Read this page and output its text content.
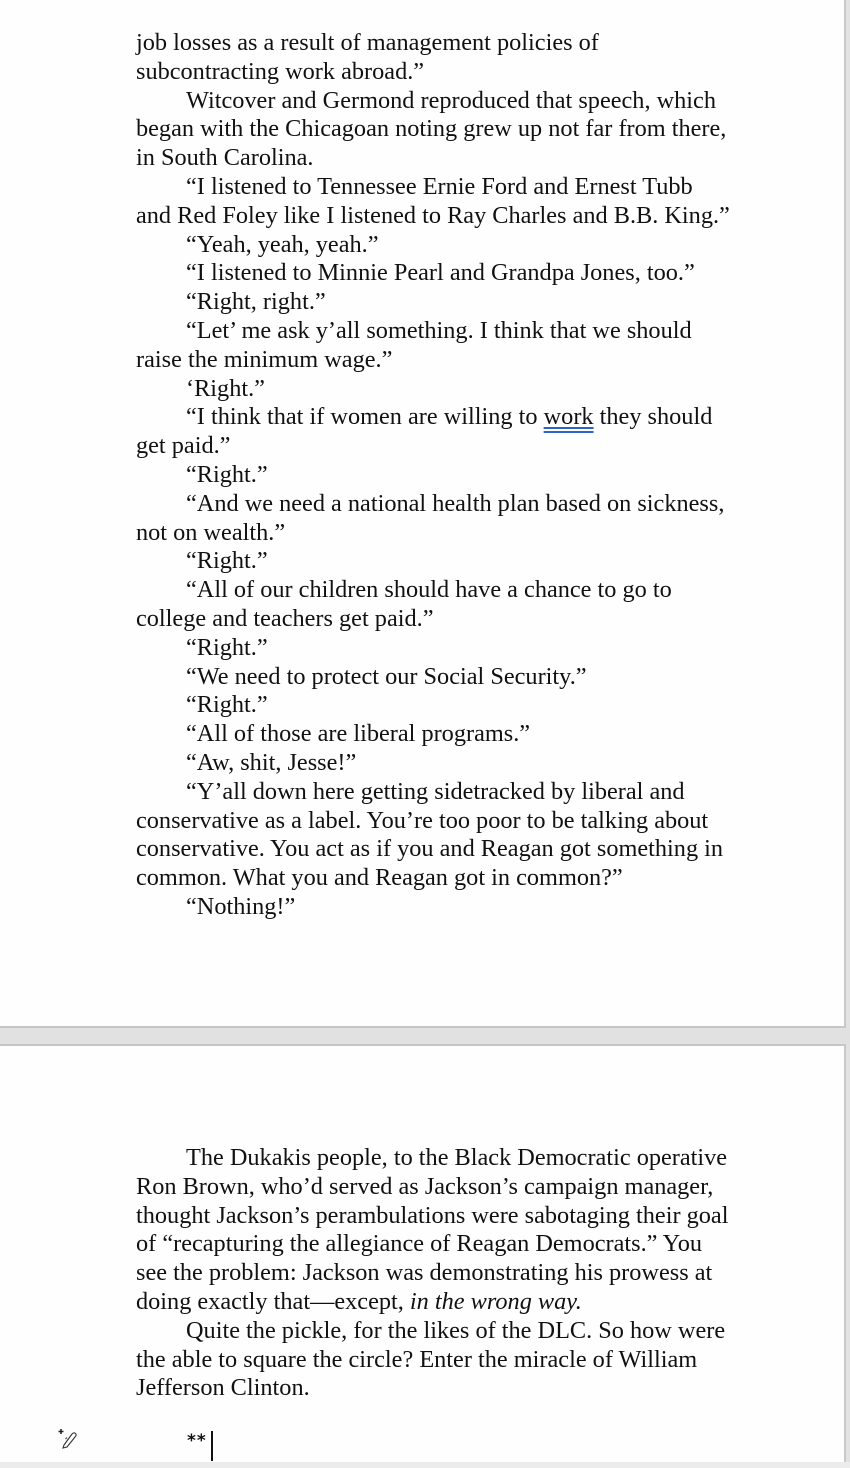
job losses as a result of management policies of
subcontracting work abroad.”
Witcover and Germond reproduced that speech, which
began with the Chicagoan noting grew up not far from there,
in South Carolina.
“I listened to Tennessee Ernie Ford and Ernest Tubb
and Red Foley like I listened to Ray Charles and B.B. King.”
“Yeah, yeah, yeah.”
“I listened to Minnie Pearl and Grandpa Jones, too.”
“Right, right.”
“Let’ me ask y’all something. I think that we should
raise the minimum wage.”
‘Right.”
“I think that if women are willing to work they should
get paid.”
“Right.”
“And we need a national health plan based on sickness,
not on wealth.”
“Right.”
“All of our children should have a chance to go to
college and teachers get paid.”
“Right.”
“We need to protect our Social Security.”
“Right.”
“All of those are liberal programs.”
“Aw, shit, Jesse!”
“Y’all down here getting sidetracked by liberal and
conservative as a label. You’re too poor to be talking about
conservative. You act as if you and Reagan got something in
common. What you and Reagan got in common?”
“Nothing!”
The Dukakis people, to the Black Democratic operative
Ron Brown, who’d served as Jackson’s campaign manager,
thought Jackson’s perambulations were sabotaging their goal
of “recapturing the allegiance of Reagan Democrats.” You
see the problem: Jackson was demonstrating his prowess at
doing exactly that—except, in the wrong way.
Quite the pickle, for the likes of the DLC. So how were
the able to square the circle? Enter the miracle of William
Jefferson Clinton.
**
